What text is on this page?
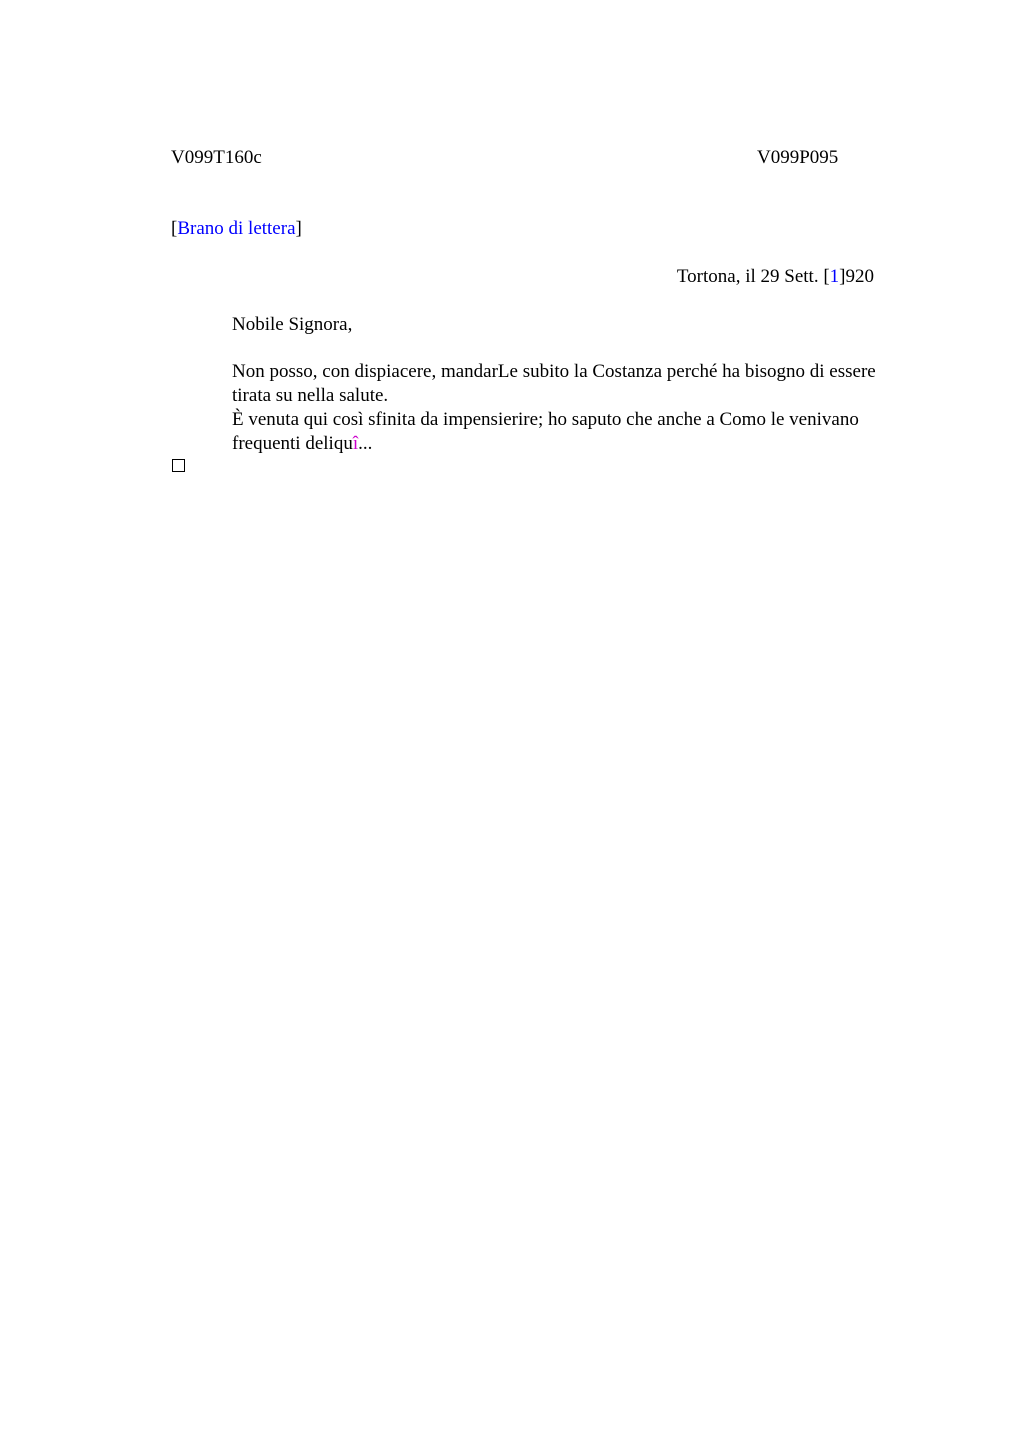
V099T160c	V099P095
[Brano di lettera]
Tortona, il 29 Sett. [1]920
Nobile Signora,
Non posso, con dispiacere, mandarLe subito la Costanza perché ha bisogno di essere tirata su nella salute.
È venuta qui così sfinita da impensierire; ho saputo che anche a Como le venivano frequenti deliquî...
